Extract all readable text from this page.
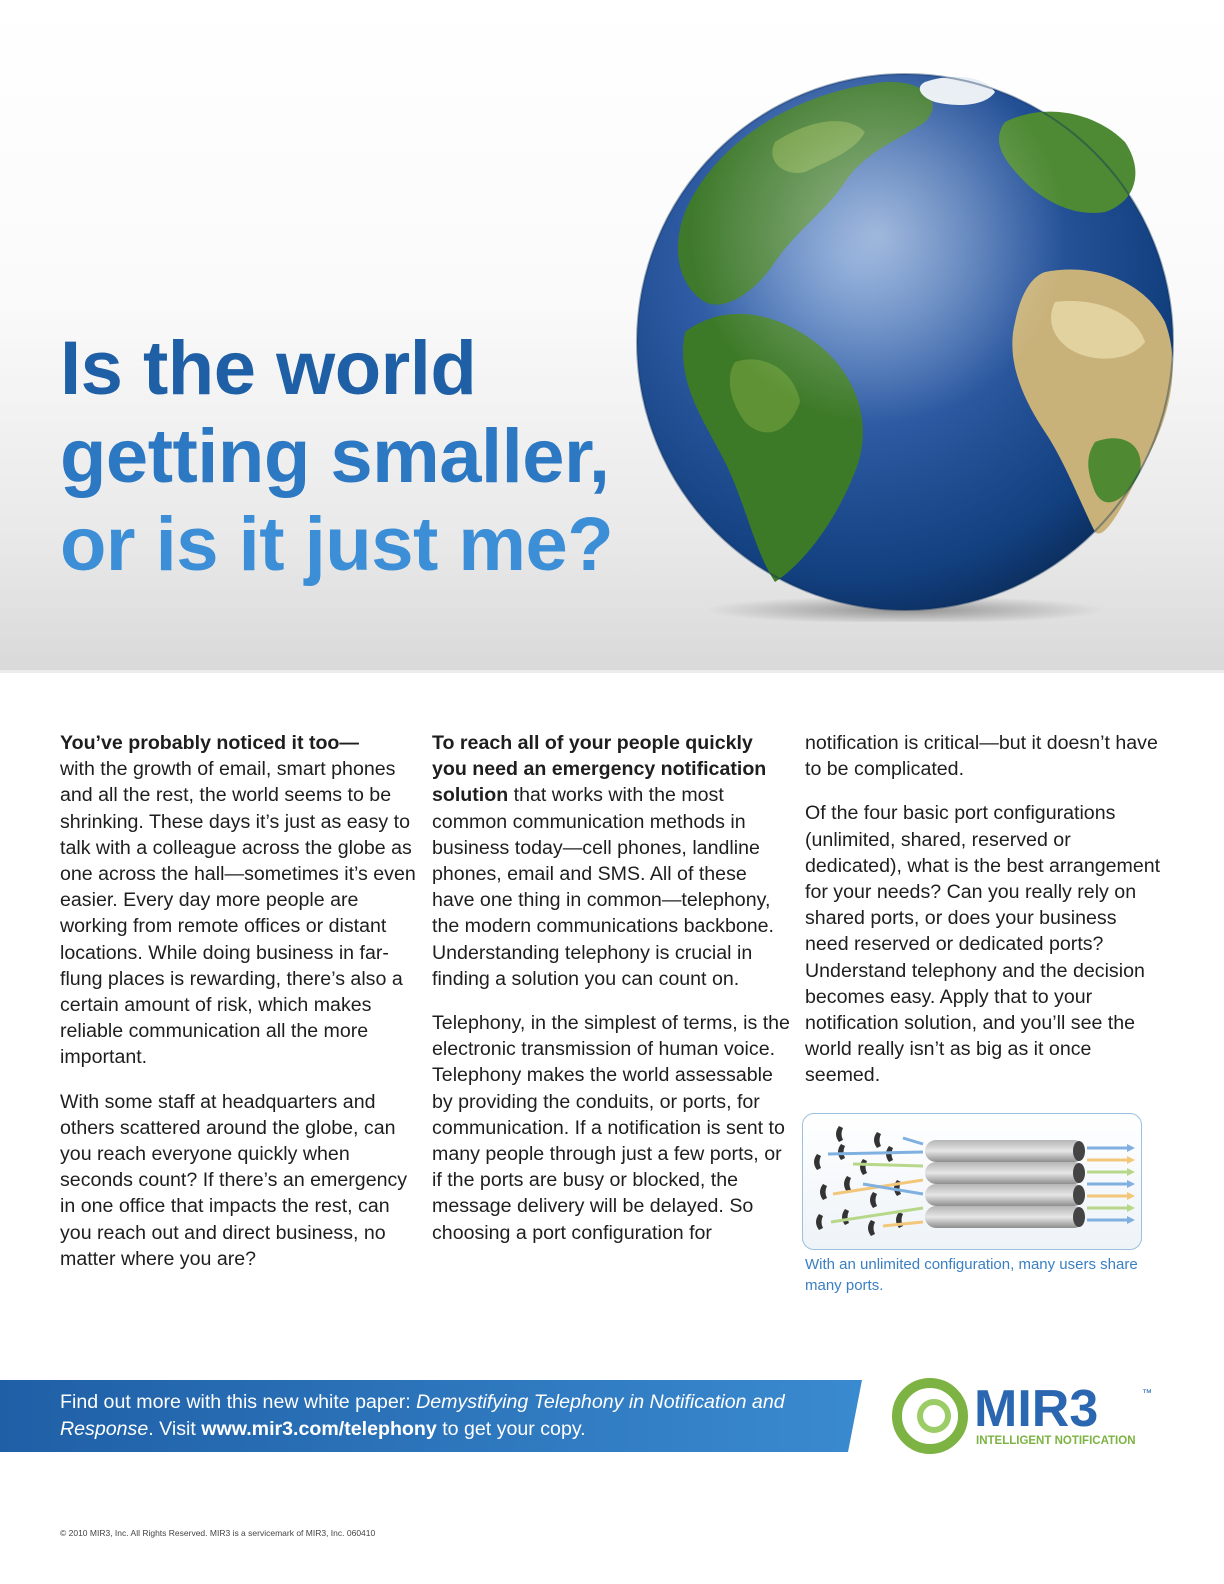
Is the world
getting smaller,
or is it just me?

You’ve probably noticed it too—
with the growth of email, smart phones and all the rest, the world seems to be shrinking. These days it’s just as easy to talk with a colleague across the globe as one across the hall—sometimes it’s even easier. Every day more people are working from remote offices or distant locations. While doing business in far-flung places is rewarding, there’s also a certain amount of risk, which makes reliable communication all the more important.

With some staff at headquarters and others scattered around the globe, can you reach everyone quickly when seconds count? If there’s an emergency in one office that impacts the rest, can you reach out and direct business, no matter where you are?

To reach all of your people quickly you need an emergency notification solution that works with the most common communication methods in business today—cell phones, landline phones, email and SMS. All of these have one thing in common—telephony, the modern communications backbone. Understanding telephony is crucial in finding a solution you can count on.

Telephony, in the simplest of terms, is the electronic transmission of human voice. Telephony makes the world assessable by providing the conduits, or ports, for communication. If a notification is sent to many people through just a few ports, or if the ports are busy or blocked, the message delivery will be delayed. So choosing a port configuration for

notification is critical—but it doesn’t have to be complicated.

Of the four basic port configurations (unlimited, shared, reserved or dedicated), what is the best arrangement for your needs? Can you really rely on shared ports, or does your business need reserved or dedicated ports? Understand telephony and the decision becomes easy. Apply that to your notification solution, and you’ll see the world really isn’t as big as it once seemed.

With an unlimited configuration, many users share many ports.
Find out more with this new white paper: Demystifying Telephony in Notification and Response. Visit www.mir3.com/telephony to get your copy.	MIR3	™
INTELLIGENT NOTIFICATION
© 2010 MIR3, Inc. All Rights Reserved. MIR3 is a servicemark of MIR3, Inc. 060410
